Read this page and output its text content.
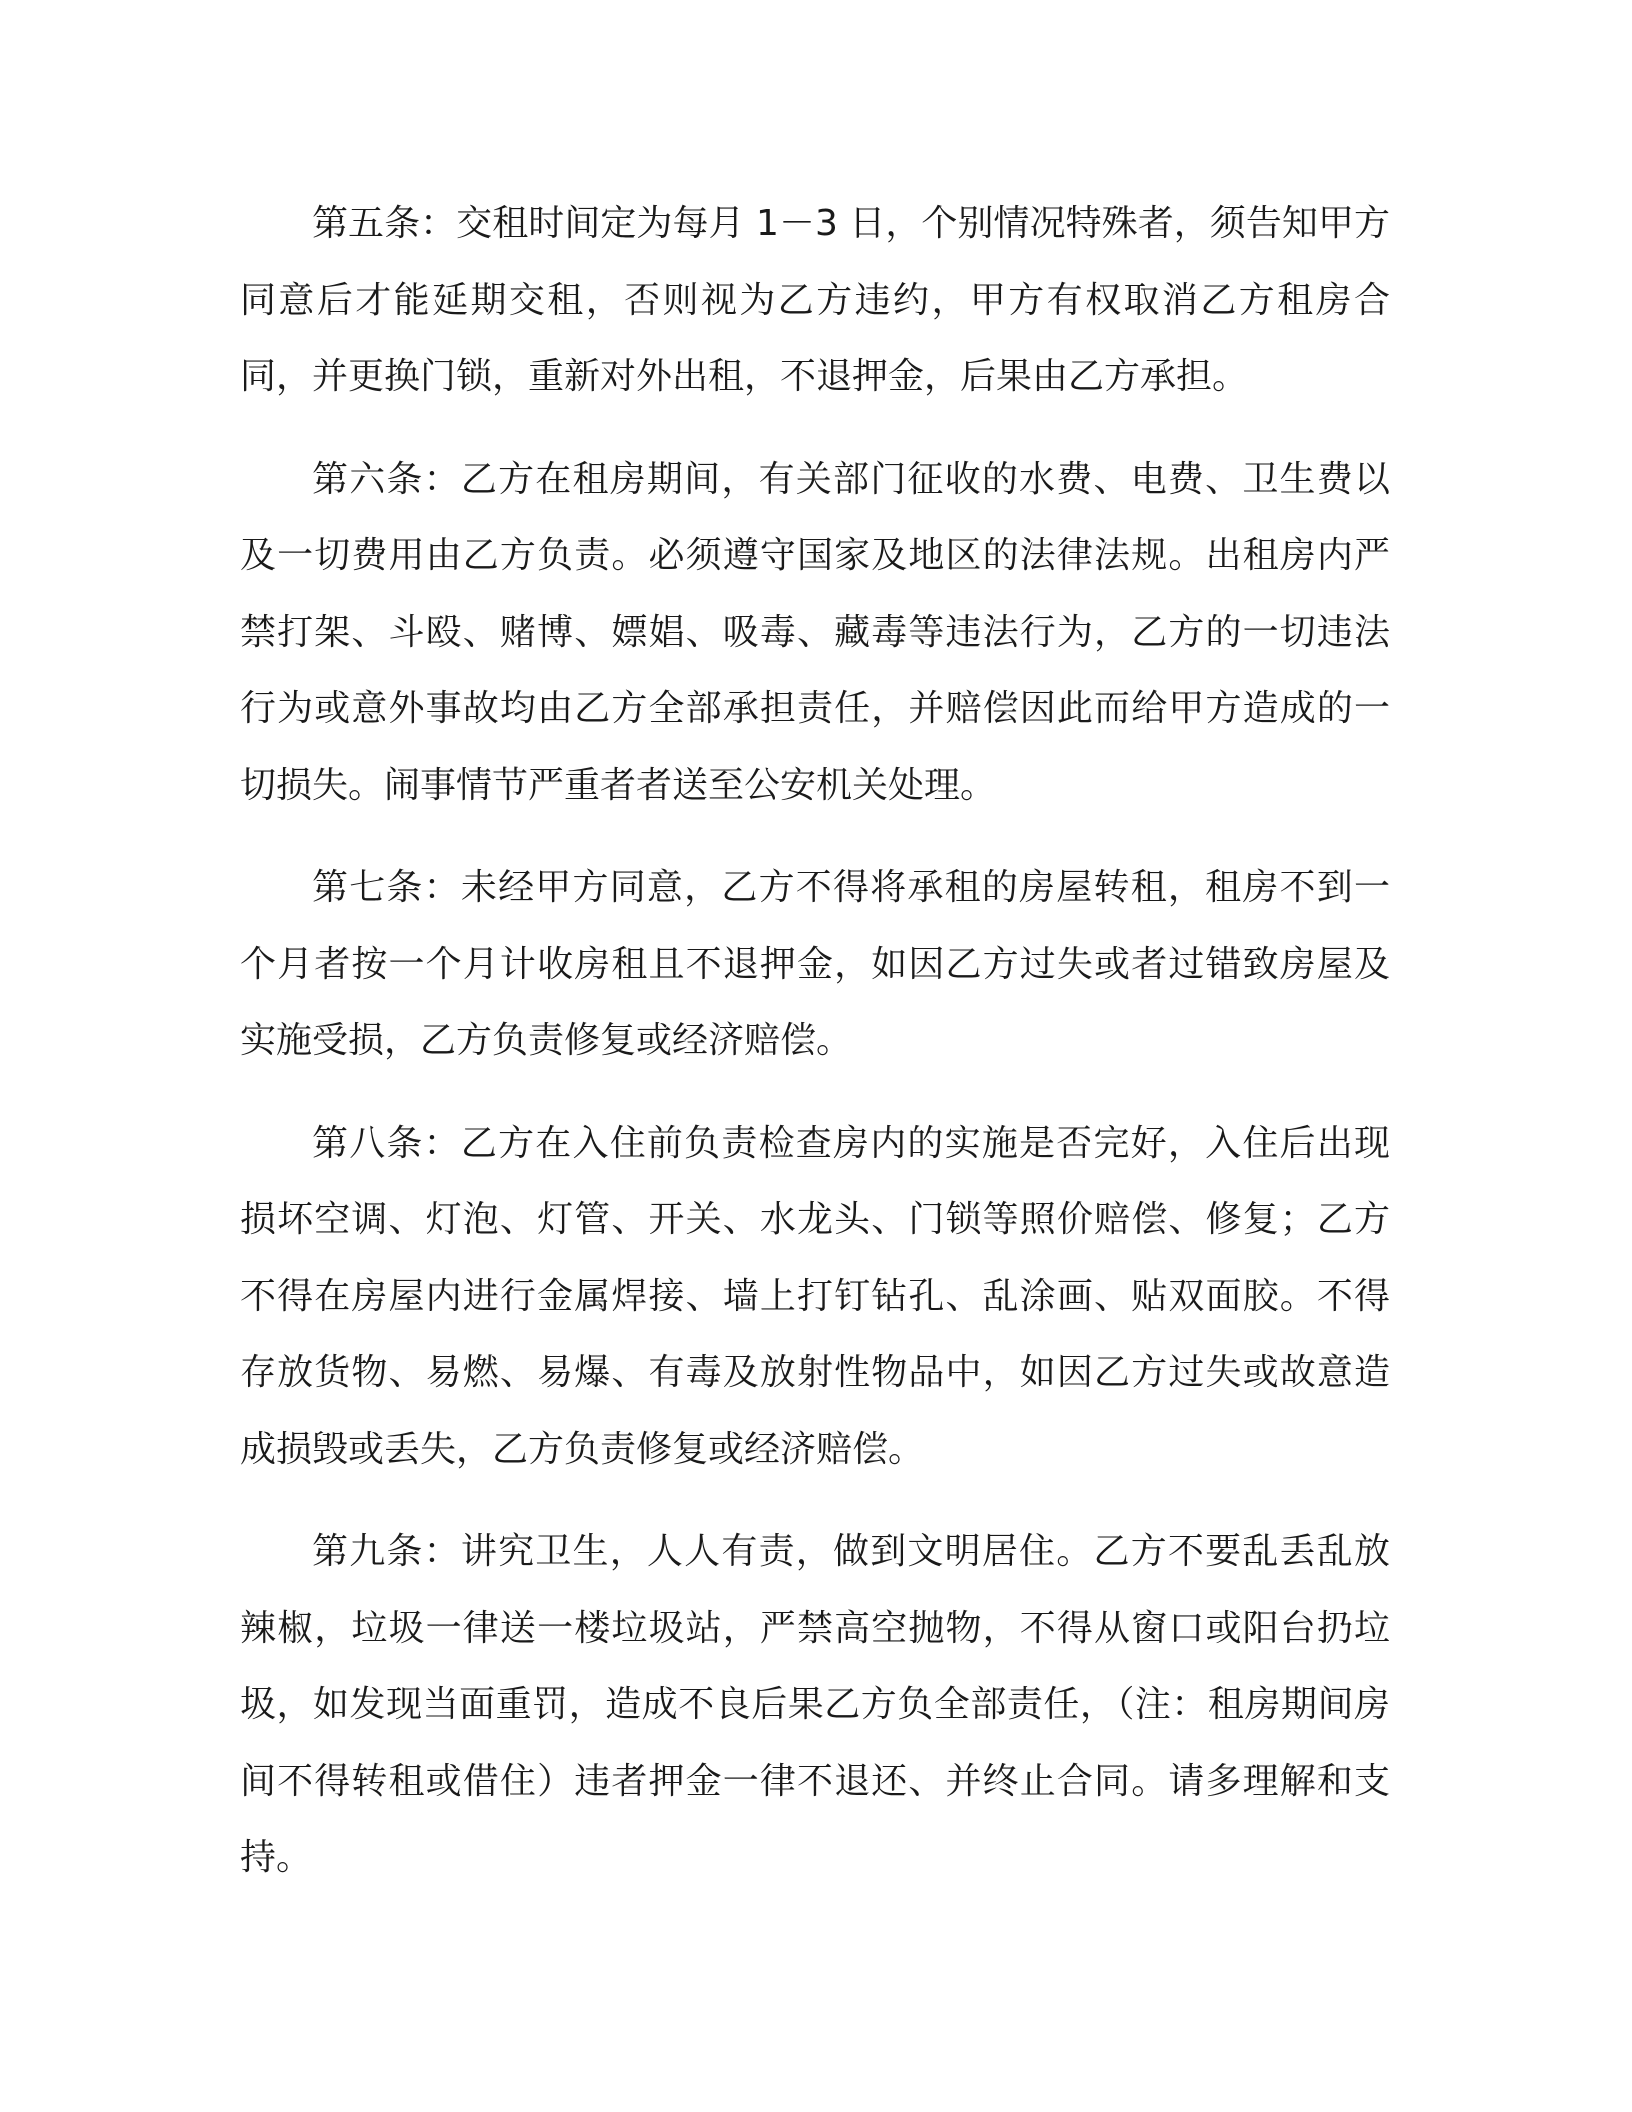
第五条：交租时间定为每月 1－3 日，个别情况特殊者，须告知甲方同意后才能延期交租，否则视为乙方违约，甲方有权取消乙方租房合同，并更换门锁，重新对外出租，不退押金，后果由乙方承担。

第六条：乙方在租房期间，有关部门征收的水费、电费、卫生费以及一切费用由乙方负责。必须遵守国家及地区的法律法规。出租房内严禁打架、斗殴、赌博、嫖娼、吸毒、藏毒等违法行为，乙方的一切违法行为或意外事故均由乙方全部承担责任，并赔偿因此而给甲方造成的一切损失。闹事情节严重者者送至公安机关处理。

第七条：未经甲方同意，乙方不得将承租的房屋转租，租房不到一个月者按一个月计收房租且不退押金，如因乙方过失或者过错致房屋及实施受损，乙方负责修复或经济赔偿。

第八条：乙方在入住前负责检查房内的实施是否完好，入住后出现损坏空调、灯泡、灯管、开关、水龙头、门锁等照价赔偿、修复；乙方不得在房屋内进行金属焊接、墙上打钉钻孔、乱涂画、贴双面胶。不得存放货物、易燃、易爆、有毒及放射性物品中，如因乙方过失或故意造成损毁或丢失，乙方负责修复或经济赔偿。

第九条：讲究卫生，人人有责，做到文明居住。乙方不要乱丢乱放辣椒，垃圾一律送一楼垃圾站，严禁高空抛物，不得从窗口或阳台扔垃圾，如发现当面重罚，造成不良后果乙方负全部责任，（注：租房期间房间不得转租或借住）违者押金一律不退还、并终止合同。请多理解和支持。
